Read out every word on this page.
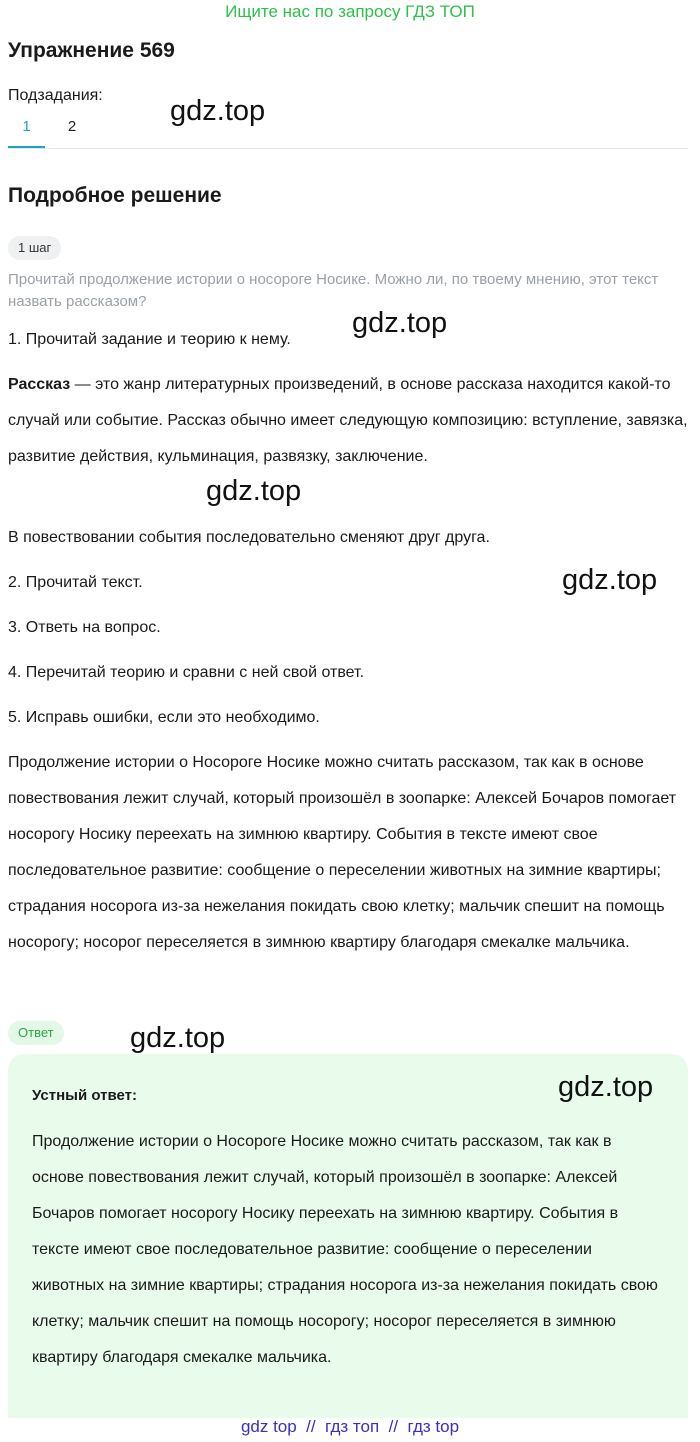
Ищите нас по запросу ГДЗ ТОП
Упражнение 569
Подзадания:
1	2	gdz.top
Подробное решение
1 шаг
Прочитай продолжение истории о носороге Носике. Можно ли, по твоему мнению, этот текст назвать рассказом?
1. Прочитай задание и теорию к нему.
gdz.top
Рассказ — это жанр литературных произведений, в основе рассказа находится какой-то случай или событие. Рассказ обычно имеет следующую композицию: вступление, завязка, развитие действия, кульминация, развязку, заключение.
gdz.top
В повествовании события последовательно сменяют друг друга.
2. Прочитай текст.	gdz.top
3. Ответь на вопрос.
4. Перечитай теорию и сравни с ней свой ответ.
5. Исправь ошибки, если это необходимо.
Продолжение истории о Носороге Носике можно считать рассказом, так как в основе повествования лежит случай, который произошёл в зоопарке: Алексей Бочаров помогает носорогу Носику переехать на зимнюю квартиру. События в тексте имеют свое последовательное развитие: сообщение о переселении животных на зимние квартиры; страдания носорога из-за нежелания покидать свою клетку; мальчик спешит на помощь носорогу; носорог переселяется в зимнюю квартиру благодаря смекалке мальчика.
Ответ	gdz.top
Устный ответ:	gdz.top
Продолжение истории о Носороге Носике можно считать рассказом, так как в основе повествования лежит случай, который произошёл в зоопарке: Алексей Бочаров помогает носорогу Носику переехать на зимнюю квартиру. События в тексте имеют свое последовательное развитие: сообщение о переселении животных на зимние квартиры; страдания носорога из-за нежелания покидать свою клетку; мальчик спешит на помощь носорогу; носорог переселяется в зимнюю квартиру благодаря смекалке мальчика.
gdz top  //  гдз топ  //  гдз top
